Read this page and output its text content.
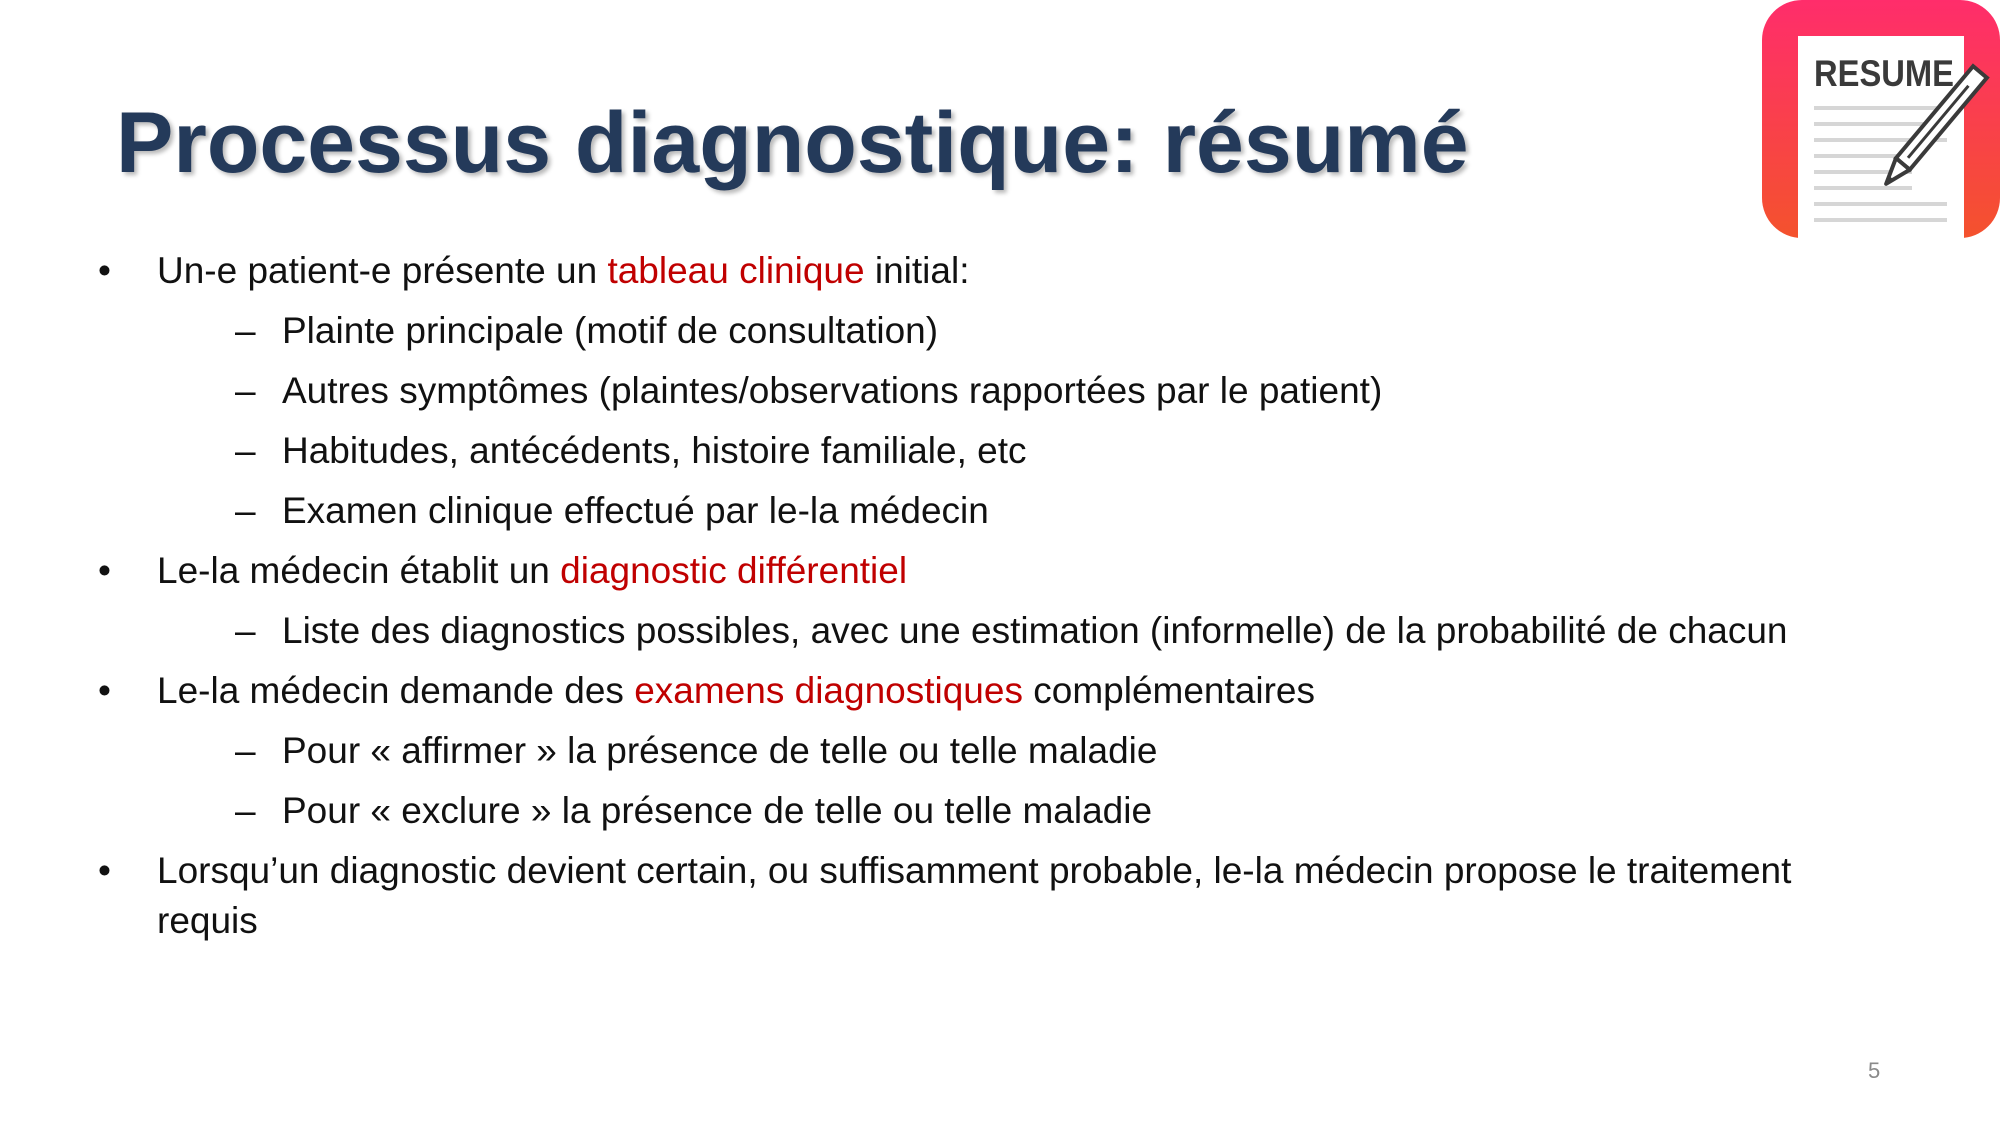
Processus diagnostique: résumé
RESUME
• Un-e patient-e présente un tableau clinique initial:
– Plainte principale (motif de consultation)
– Autres symptômes (plaintes/observations rapportées par le patient)
– Habitudes, antécédents, histoire familiale, etc
– Examen clinique effectué par le-la médecin
• Le-la médecin établit un diagnostic différentiel
– Liste des diagnostics possibles, avec une estimation (informelle) de la probabilité de chacun
• Le-la médecin demande des examens diagnostiques complémentaires
– Pour « affirmer » la présence de telle ou telle maladie
– Pour « exclure » la présence de telle ou telle maladie
• Lorsqu’un diagnostic devient certain, ou suffisamment probable, le-la médecin propose le traitement requis
5
